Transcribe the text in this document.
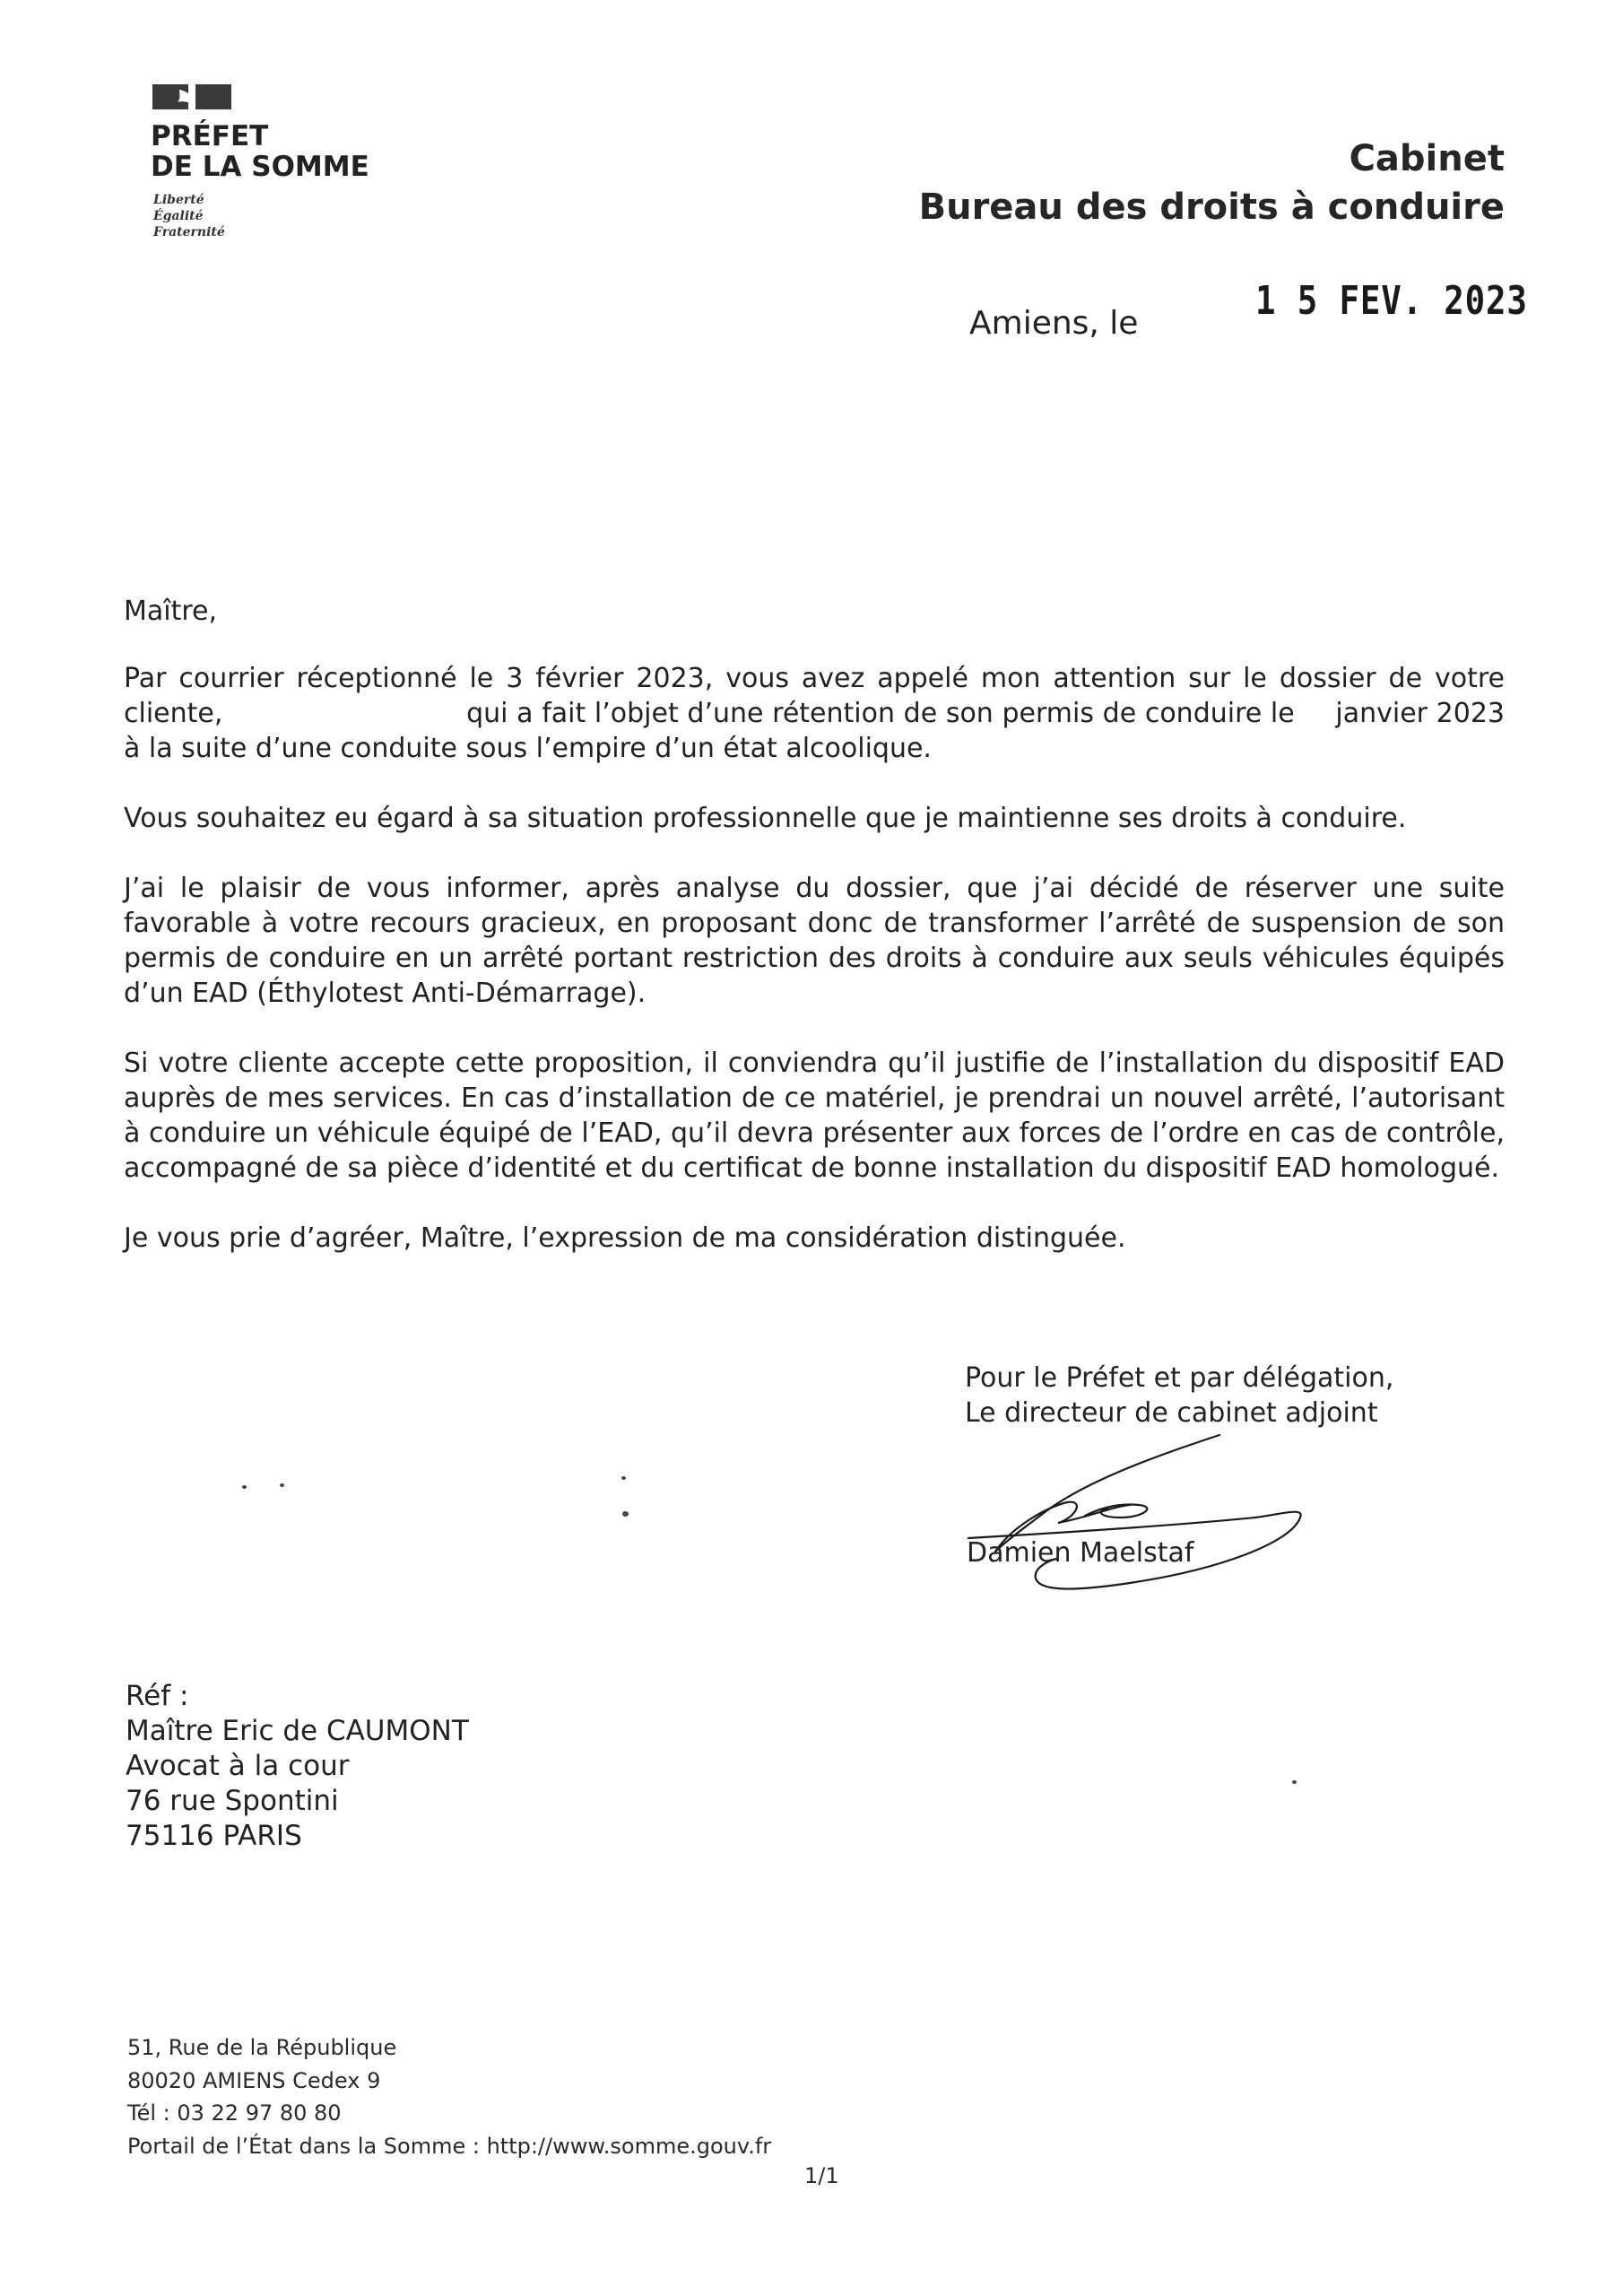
PRÉFET
DE LA SOMME
Liberté
Égalité
Fraternité
Cabinet
Bureau des droits à conduire
Amiens, le	1 5 FEV. 2023
Maître,
Par courrier réceptionné le 3 février 2023, vous avez appelé mon attention sur le dossier de votre cliente,	qui a fait l’objet d’une rétention de son permis de conduire le janvier 2023 à la suite d’une conduite sous l’empire d’un état alcoolique.
Vous souhaitez eu égard à sa situation professionnelle que je maintienne ses droits à conduire.
J’ai le plaisir de vous informer, après analyse du dossier, que j’ai décidé de réserver une suite favorable à votre recours gracieux, en proposant donc de transformer l’arrêté de suspension de son permis de conduire en un arrêté portant restriction des droits à conduire aux seuls véhicules équipés d’un EAD (Éthylotest Anti-Démarrage).
Si votre cliente accepte cette proposition, il conviendra qu’il justifie de l’installation du dispositif EAD auprès de mes services. En cas d’installation de ce matériel, je prendrai un nouvel arrêté, l’autorisant à conduire un véhicule équipé de l’EAD, qu’il devra présenter aux forces de l’ordre en cas de contrôle, accompagné de sa pièce d’identité et du certificat de bonne installation du dispositif EAD homologué.
Je vous prie d’agréer, Maître, l’expression de ma considération distinguée.
Pour le Préfet et par délégation,
Le directeur de cabinet adjoint
Damien Maelstaf
Réf :
Maître Eric de CAUMONT
Avocat à la cour
76 rue Spontini
75116 PARIS
51, Rue de la République
80020 AMIENS Cedex 9
Tél : 03 22 97 80 80
Portail de l’État dans la Somme : http://www.somme.gouv.fr
1/1
